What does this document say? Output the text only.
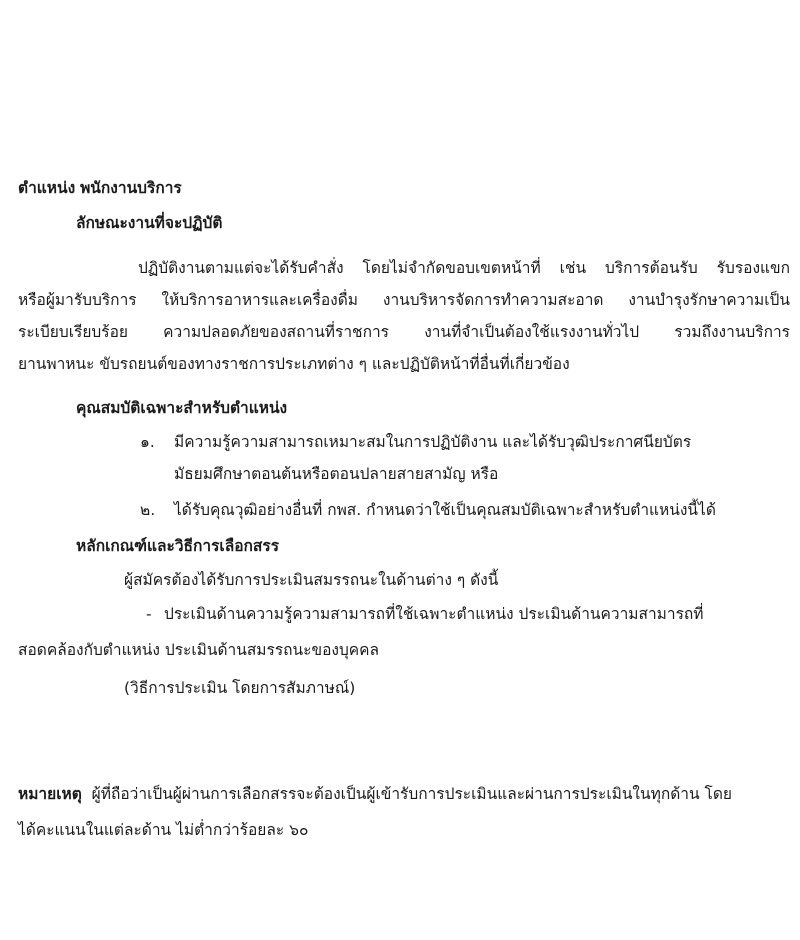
ตำแหน่ง พนักงานบริการ
ลักษณะงานที่จะปฏิบัติ
ปฏิบัติงานตามแต่จะได้รับคำสั่ง โดยไม่จำกัดขอบเขตหน้าที่ เช่น บริการต้อนรับ รับรองแขก
หรือผู้มารับบริการ ให้บริการอาหารและเครื่องดื่ม งานบริหารจัดการทำความสะอาด งานบำรุงรักษาความเป็น
ระเบียบเรียบร้อย ความปลอดภัยของสถานที่ราชการ งานที่จำเป็นต้องใช้แรงงานทั่วไป รวมถึงงานบริการ
ยานพาหนะ ขับรถยนต์ของทางราชการประเภทต่าง ๆ และปฏิบัติหน้าที่อื่นที่เกี่ยวข้อง
คุณสมบัติเฉพาะสำหรับตำแหน่ง
๑. มีความรู้ความสามารถเหมาะสมในการปฏิบัติงาน และได้รับวุฒิประกาศนียบัตร
มัธยมศึกษาตอนต้นหรือตอนปลายสายสามัญ หรือ
๒. ได้รับคุณวุฒิอย่างอื่นที่ กพส. กำหนดว่าใช้เป็นคุณสมบัติเฉพาะสำหรับตำแหน่งนี้ได้
หลักเกณฑ์และวิธีการเลือกสรร
ผู้สมัครต้องได้รับการประเมินสมรรถนะในด้านต่าง ๆ ดังนี้
- ประเมินด้านความรู้ความสามารถที่ใช้เฉพาะตำแหน่ง ประเมินด้านความสามารถที่
สอดคล้องกับตำแหน่ง ประเมินด้านสมรรถนะของบุคคล
(วิธีการประเมิน โดยการสัมภาษณ์)
หมายเหตุ ผู้ที่ถือว่าเป็นผู้ผ่านการเลือกสรรจะต้องเป็นผู้เข้ารับการประเมินและผ่านการประเมินในทุกด้าน โดย
ได้คะแนนในแต่ละด้าน ไม่ต่ำกว่าร้อยละ ๖๐
